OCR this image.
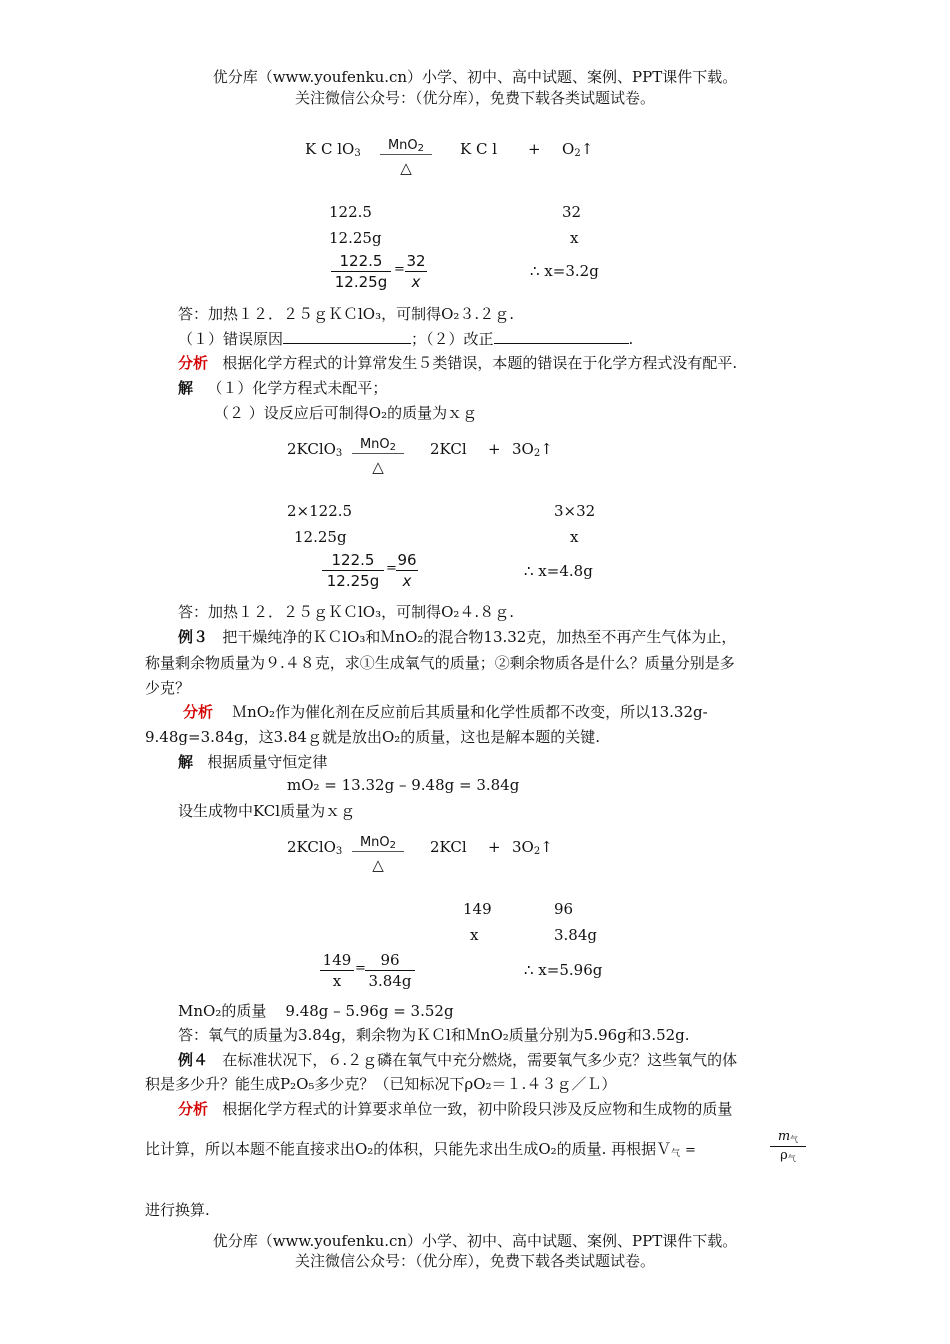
优分库（www.youfenku.cn）小学、初中、高中试题、案例、PPT课件下载。
关注微信公众号：（优分库），免费下载各类试题试卷。
K C $lO_3$
MnO$_2$
△
K C $l + O_2↑$
122.5	32
12.25g	x
122.5
12.25g
= 32
x
∴ x=3.2g
答：加热１２．２５ｇＫＣlO₃，可制得O₂３.２ｇ.
（１）错误原因	；（２）改正	.
分析 根据化学方程式的计算常发生５类错误，本题的错误在于化学方程式没有配平.
解 （１）化学方程式未配平；
（２ ）设反应后可制得O₂的质量为ｘｇ
2KClO$_3$
MnO$_2$
△
$2KCl + 3O_2↑$
2×122.5	3×32
12.25g	x
122.5
12.25g
= 96
x
∴ x=4.8g
答：加热１２．２５ｇＫＣlO₃，可制得O₂４.８ｇ.
例３ 把干燥纯净的ＫＣlO₃和ＭnO₂的混合物13.32克，加热至不再产生气体为止，
称量剩余物质量为９.４８克，求①生成氧气的质量；②剩余物质各是什么？质量分别是多
少克？
分析 ＭnO₂作为催化剂在反应前后其质量和化学性质都不改变，所以13.32g-
9.48g=3.84g，这3.84ｇ就是放出O₂的质量，这也是解本题的关键.
解 根据质量守恒定律
mO₂ = 13.32g – 9.48g = 3.84g
设生成物中KCl质量为ｘｇ
2KClO$_3$
MnO$_2$
△
$2KCl + 3O_2↑$
149	96
x	3.84g
149
x
= 96
3.84g
∴ x=5.96g
MnO₂的质量    9.48g – 5.96g = 3.52g
答：氧气的质量为3.84g，剩余物为ＫＣl和ＭnO₂质量分别为5.96g和3.52g.
例４ 在标准状况下，６.２ｇ磷在氧气中充分燃烧，需要氧气多少克？这些氧气的体
积是多少升？能生成P₂O₅多少克？（已知标况下ρO₂＝１.４３ｇ／Ｌ）
分析 根据化学方程式的计算要求单位一致，初中阶段只涉及反应物和生成物的质量
比计算，所以本题不能直接求出O₂的体积，只能先求出生成O₂的质量. 再根据Ｖ$_气$ =
$m_气$
$\rho_气$
进行换算.
优分库（www.youfenku.cn）小学、初中、高中试题、案例、PPT课件下载。
关注微信公众号：（优分库），免费下载各类试题试卷。
